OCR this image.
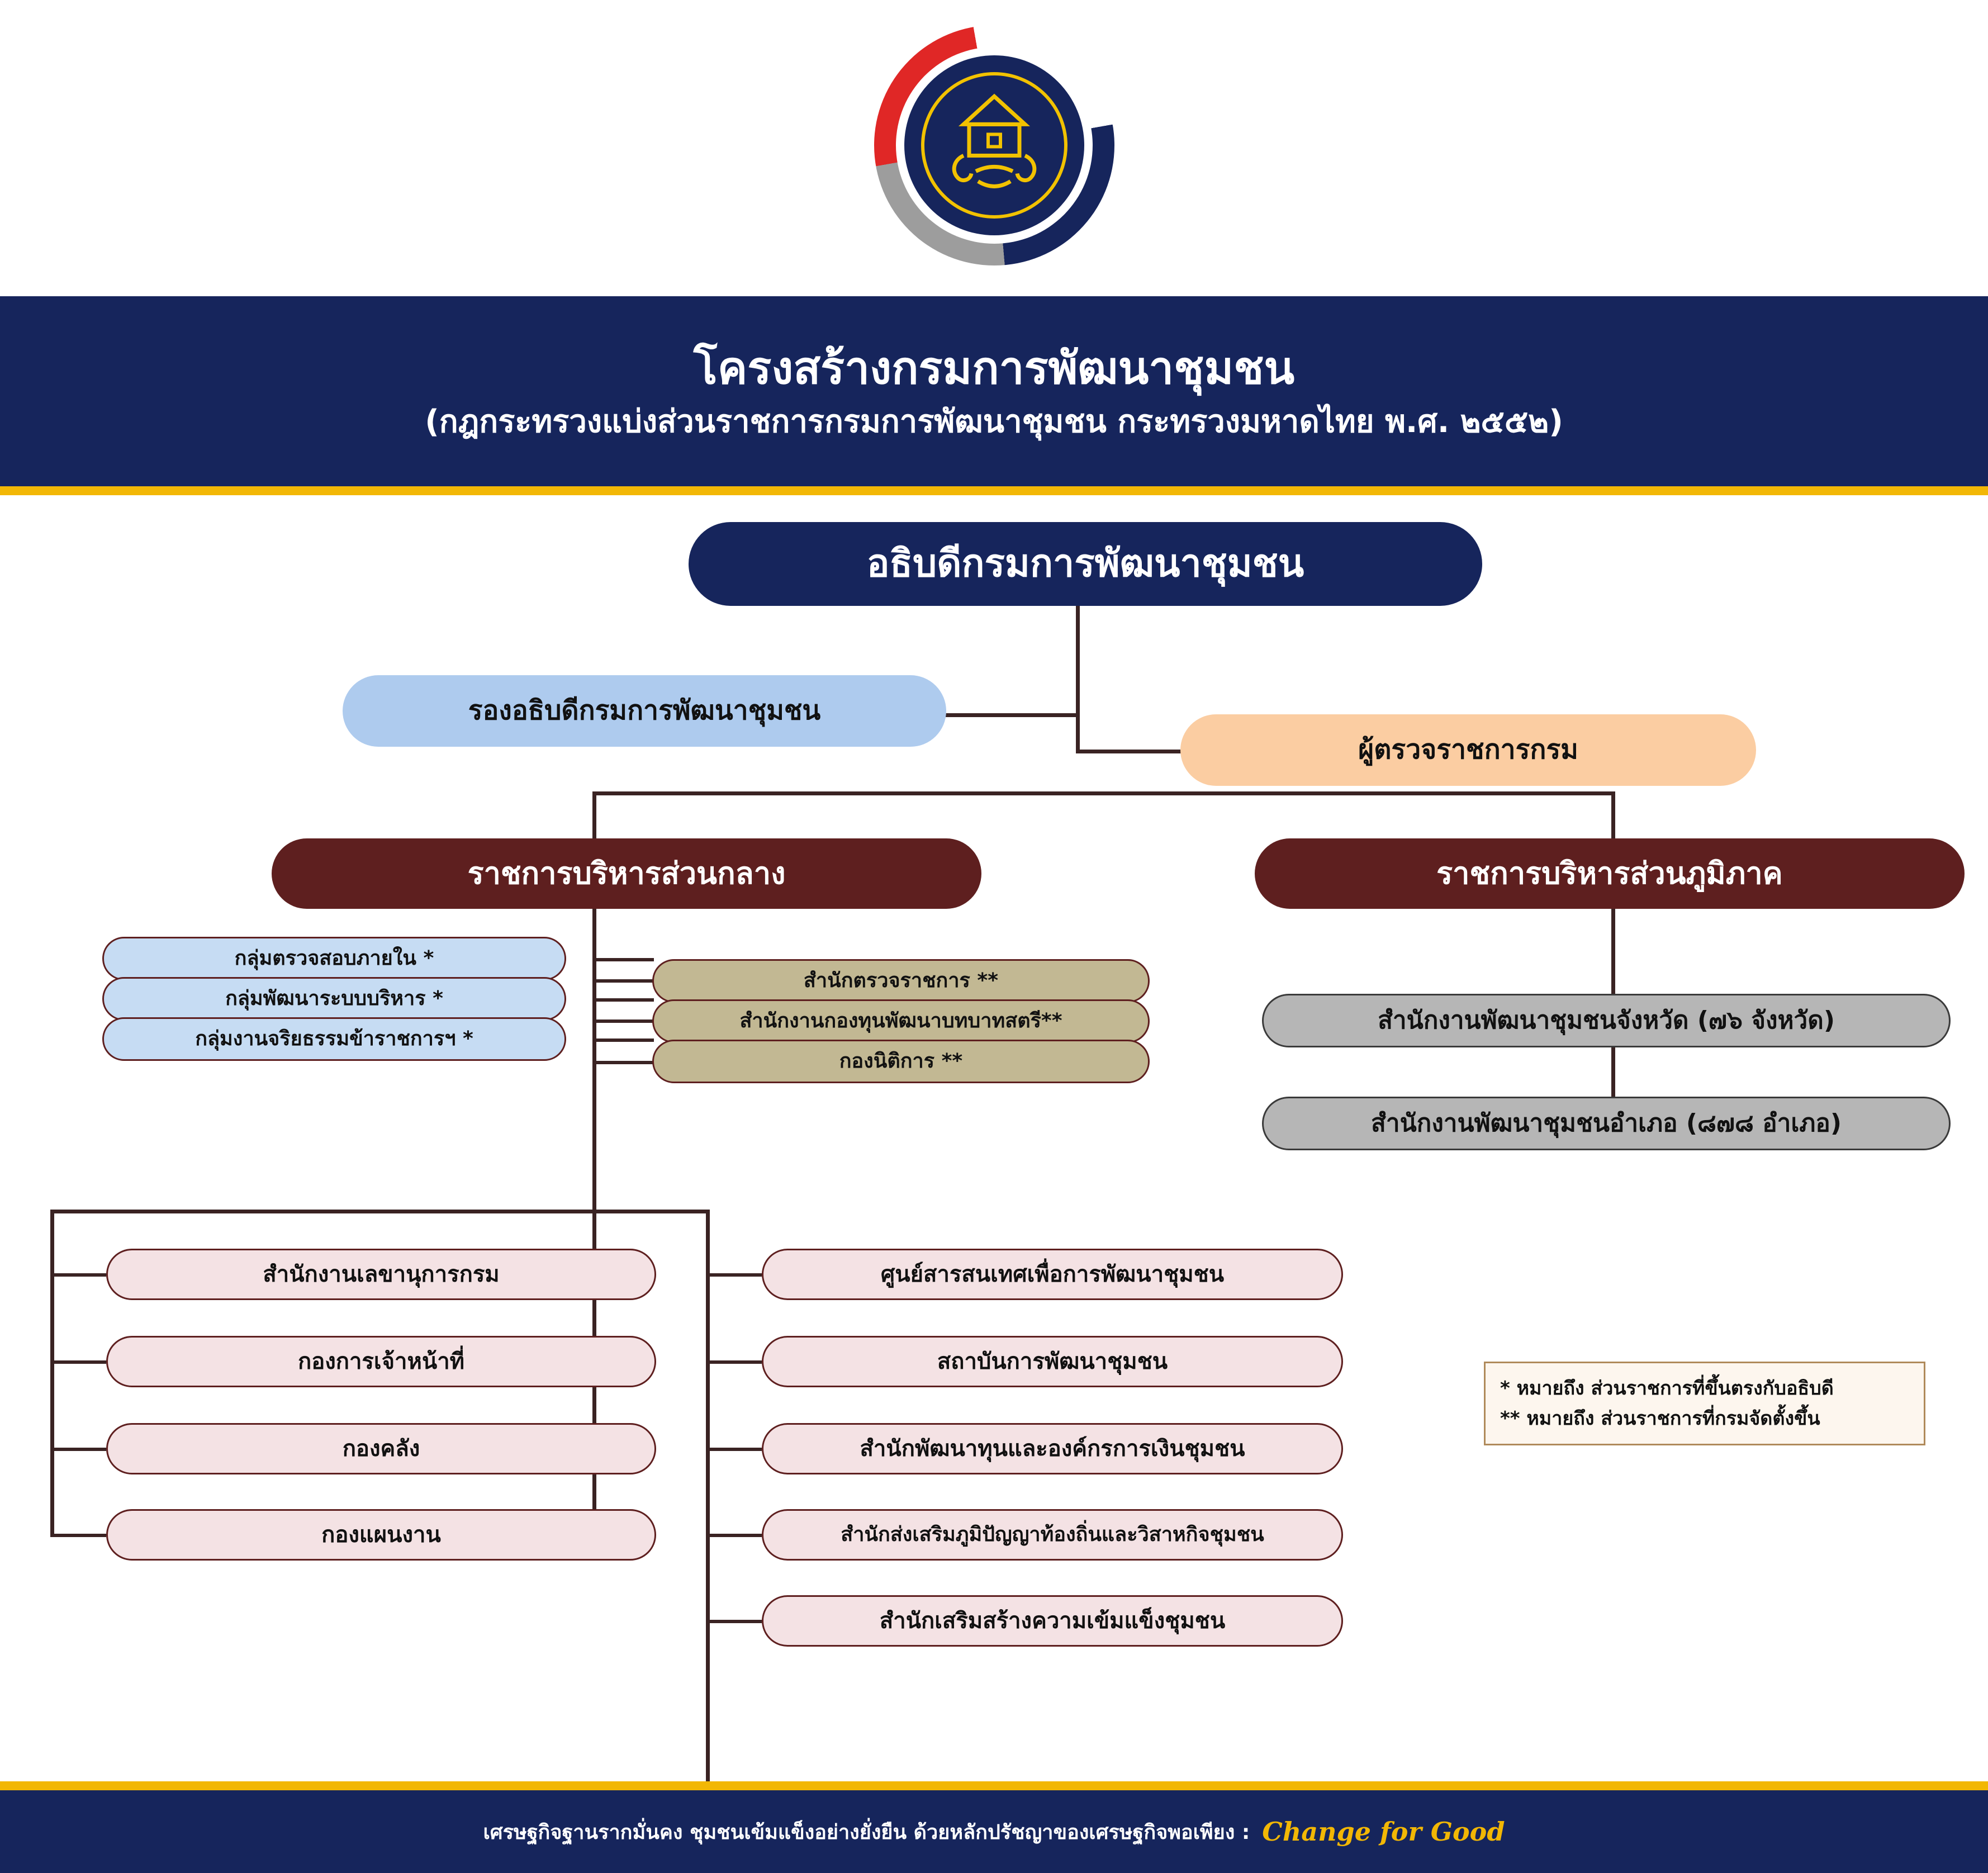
โครงสร้างกรมการพัฒนาชุมชน
(กฎกระทรวงแบ่งส่วนราชการกรมการพัฒนาชุมชน กระทรวงมหาดไทย พ.ศ. ๒๕๕๒)
อธิบดีกรมการพัฒนาชุมชน
รองอธิบดีกรมการพัฒนาชุมชน
ผู้ตรวจราชการกรม
ราชการบริหารส่วนกลาง	ราชการบริหารส่วนภูมิภาค
กลุ่มตรวจสอบภายใน *
กลุ่มพัฒนาระบบบริหาร *
กลุ่มงานจริยธรรมข้าราชการฯ *
สำนักตรวจราชการ **
สำนักงานกองทุนพัฒนาบทบาทสตรี**
กองนิติการ **
สำนักงานพัฒนาชุมชนจังหวัด (๗๖ จังหวัด)
สำนักงานพัฒนาชุมชนอำเภอ (๘๗๘ อำเภอ)
สำนักงานเลขานุการกรม
กองการเจ้าหน้าที่
กองคลัง
กองแผนงาน
ศูนย์สารสนเทศเพื่อการพัฒนาชุมชน
สถาบันการพัฒนาชุมชน
สำนักพัฒนาทุนและองค์กรการเงินชุมชน
สำนักส่งเสริมภูมิปัญญาท้องถิ่นและวิสาหกิจชุมชน
สำนักเสริมสร้างความเข้มแข็งชุมชน
* หมายถึง ส่วนราชการที่ขึ้นตรงกับอธิบดี
** หมายถึง ส่วนราชการที่กรมจัดตั้งขึ้น
เศรษฐกิจฐานรากมั่นคง ชุมชนเข้มแข็งอย่างยั่งยืน ด้วยหลักปรัชญาของเศรษฐกิจพอเพียง : Change for Good
